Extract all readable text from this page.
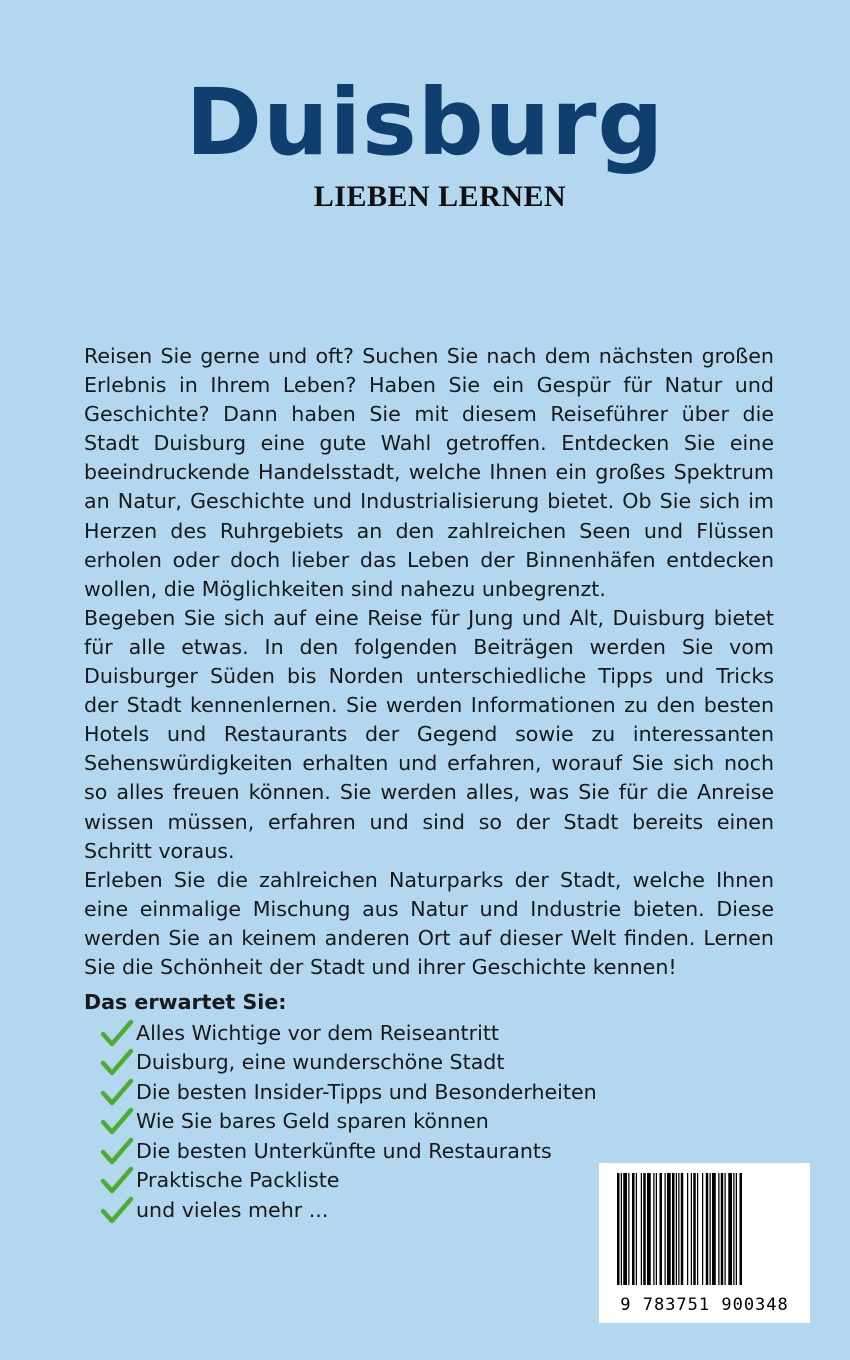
Duisburg
LIEBEN LERNEN

Reisen Sie gerne und oft? Suchen Sie nach dem nächsten großen Erlebnis in Ihrem Leben? Haben Sie ein Gespür für Natur und Geschichte? Dann haben Sie mit diesem Reiseführer über die Stadt Duisburg eine gute Wahl getroffen. Entdecken Sie eine beeindruckende Handelsstadt, welche Ihnen ein großes Spektrum an Natur, Geschichte und Industrialisierung bietet. Ob Sie sich im Herzen des Ruhrgebiets an den zahlreichen Seen und Flüssen erholen oder doch lieber das Leben der Binnenhäfen entdecken wollen, die Möglichkeiten sind nahezu unbegrenzt.

Begeben Sie sich auf eine Reise für Jung und Alt, Duisburg bietet für alle etwas. In den folgenden Beiträgen werden Sie vom Duisburger Süden bis Norden unterschiedliche Tipps und Tricks der Stadt kennenlernen. Sie werden Informationen zu den besten Hotels und Restaurants der Gegend sowie zu interessanten Sehenswürdigkeiten erhalten und erfahren, worauf Sie sich noch so alles freuen können. Sie werden alles, was Sie für die Anreise wissen müssen, erfahren und sind so der Stadt bereits einen Schritt voraus.

Erleben Sie die zahlreichen Naturparks der Stadt, welche Ihnen eine einmalige Mischung aus Natur und Industrie bieten. Diese werden Sie an keinem anderen Ort auf dieser Welt finden. Lernen Sie die Schönheit der Stadt und ihrer Geschichte kennen!

Das erwartet Sie:
Alles Wichtige vor dem Reiseantritt
Duisburg, eine wunderschöne Stadt
Die besten Insider-Tipps und Besonderheiten
Wie Sie bares Geld sparen können
Die besten Unterkünfte und Restaurants
Praktische Packliste
und vieles mehr ...
9 783751 900348
